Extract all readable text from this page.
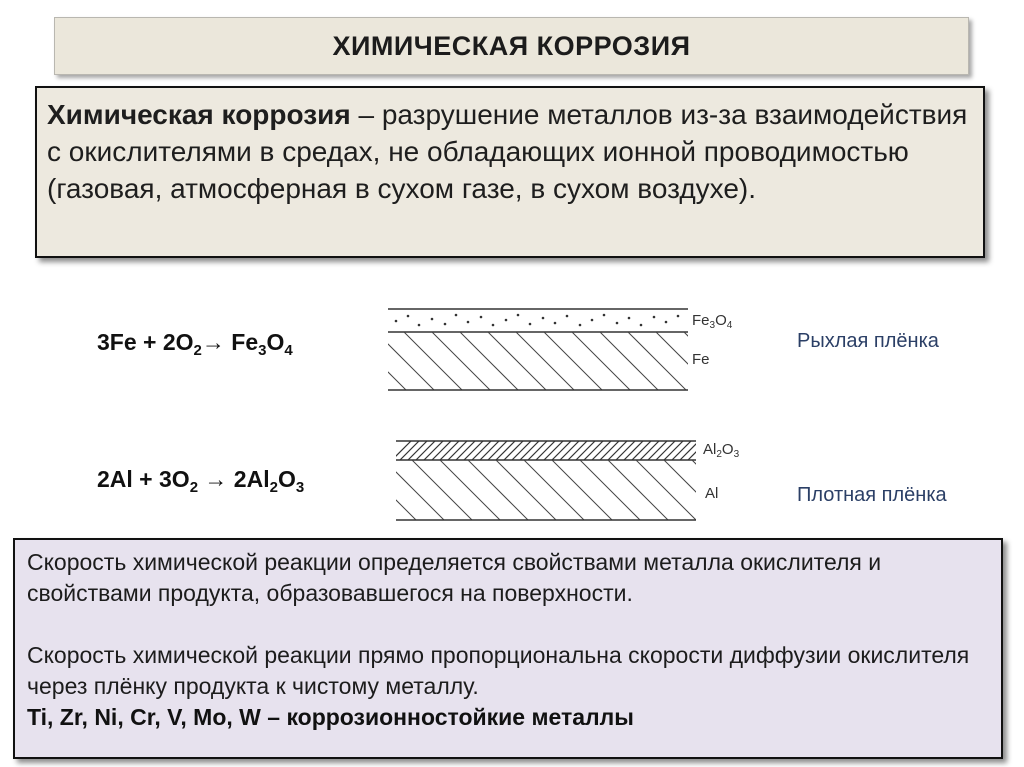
ХИМИЧЕСКАЯ КОРРОЗИЯ
Химическая коррозия – разрушение металлов из-за взаимодействия с окислителями в средах, не обладающих ионной проводимостью (газовая, атмосферная в сухом газе, в сухом воздухе).
$3Fe + 2O_2\to Fe_3O_4$
$Fe_3O_4$
Fe
Рыхлая плёнка
$2Al + 3O_2 \to 2Al_2O_3$
$Al_2O_3$
Al	Плотная плёнка

Скорость химической реакции определяется свойствами металла окислителя и свойствами продукта, образовавшегося на поверхности.

Скорость химической реакции прямо пропорциональна скорости диффузии окислителя через плёнку продукта к чистому металлу.

Ti, Zr, Ni, Cr, V, Mo, W – коррозионностойкие металлы
